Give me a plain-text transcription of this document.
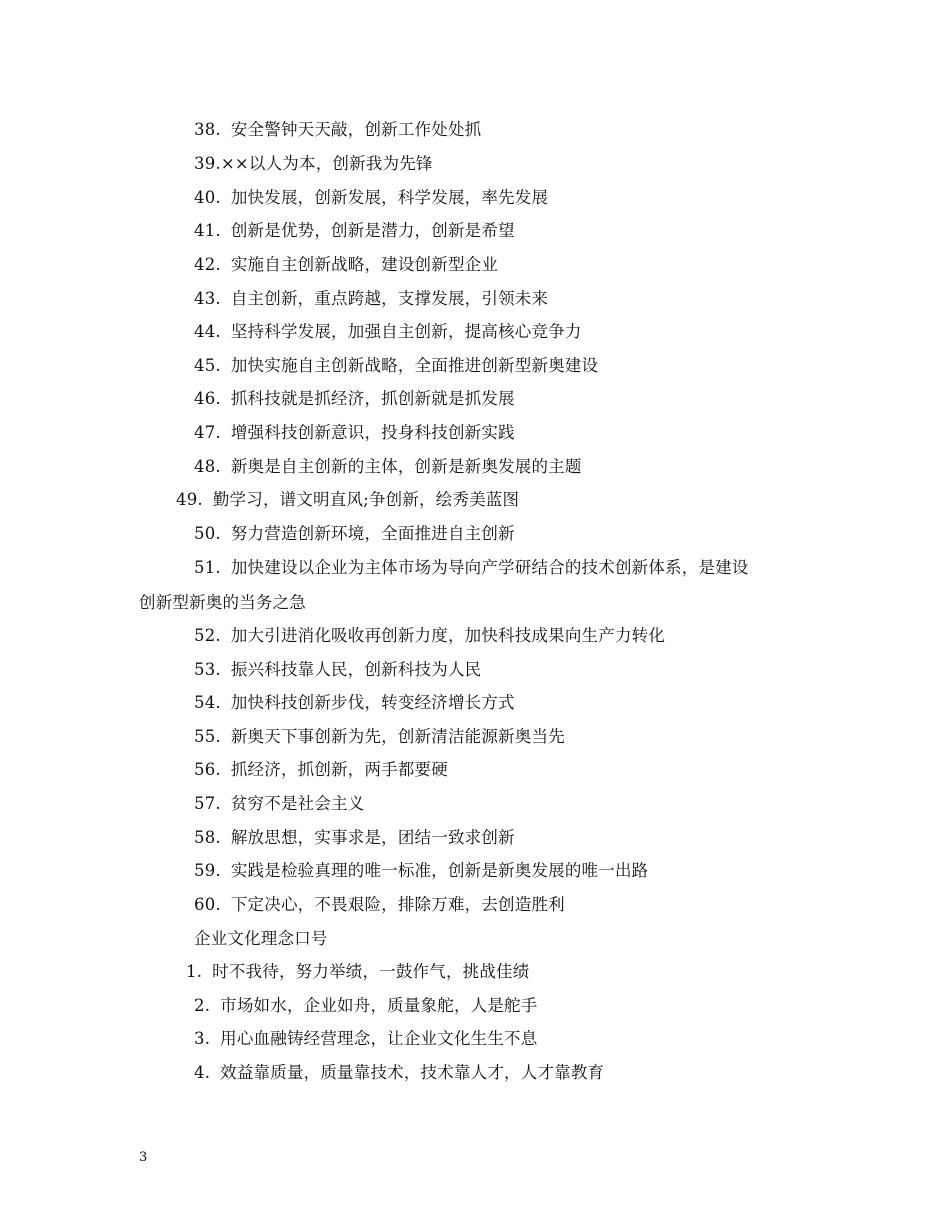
38. 安全警钟天天敲，创新工作处处抓
39.××以人为本，创新我为先锋
40. 加快发展，创新发展，科学发展，率先发展
41. 创新是优势，创新是潜力，创新是希望
42. 实施自主创新战略，建设创新型企业
43. 自主创新，重点跨越，支撑发展，引领未来
44. 坚持科学发展，加强自主创新，提高核心竞争力
45. 加快实施自主创新战略，全面推进创新型新奥建设
46. 抓科技就是抓经济，抓创新就是抓发展
47. 增强科技创新意识，投身科技创新实践
48. 新奥是自主创新的主体，创新是新奥发展的主题
49. 勤学习，谱文明直风;争创新，绘秀美蓝图
50. 努力营造创新环境，全面推进自主创新
51. 加快建设以企业为主体市场为导向产学研结合的技术创新体系，是建设
创新型新奥的当务之急
52. 加大引进消化吸收再创新力度，加快科技成果向生产力转化
53. 振兴科技靠人民，创新科技为人民
54. 加快科技创新步伐，转变经济增长方式
55. 新奥天下事创新为先，创新清洁能源新奥当先
56. 抓经济，抓创新，两手都要硬
57. 贫穷不是社会主义
58. 解放思想，实事求是，团结一致求创新
59. 实践是检验真理的唯一标准，创新是新奥发展的唯一出路
60. 下定决心，不畏艰险，排除万难，去创造胜利
企业文化理念口号
1. 时不我待，努力举绩，一鼓作气，挑战佳绩
2. 市场如水，企业如舟，质量象舵，人是舵手
3. 用心血融铸经营理念，让企业文化生生不息
4. 效益靠质量，质量靠技术，技术靠人才，人才靠教育
3
